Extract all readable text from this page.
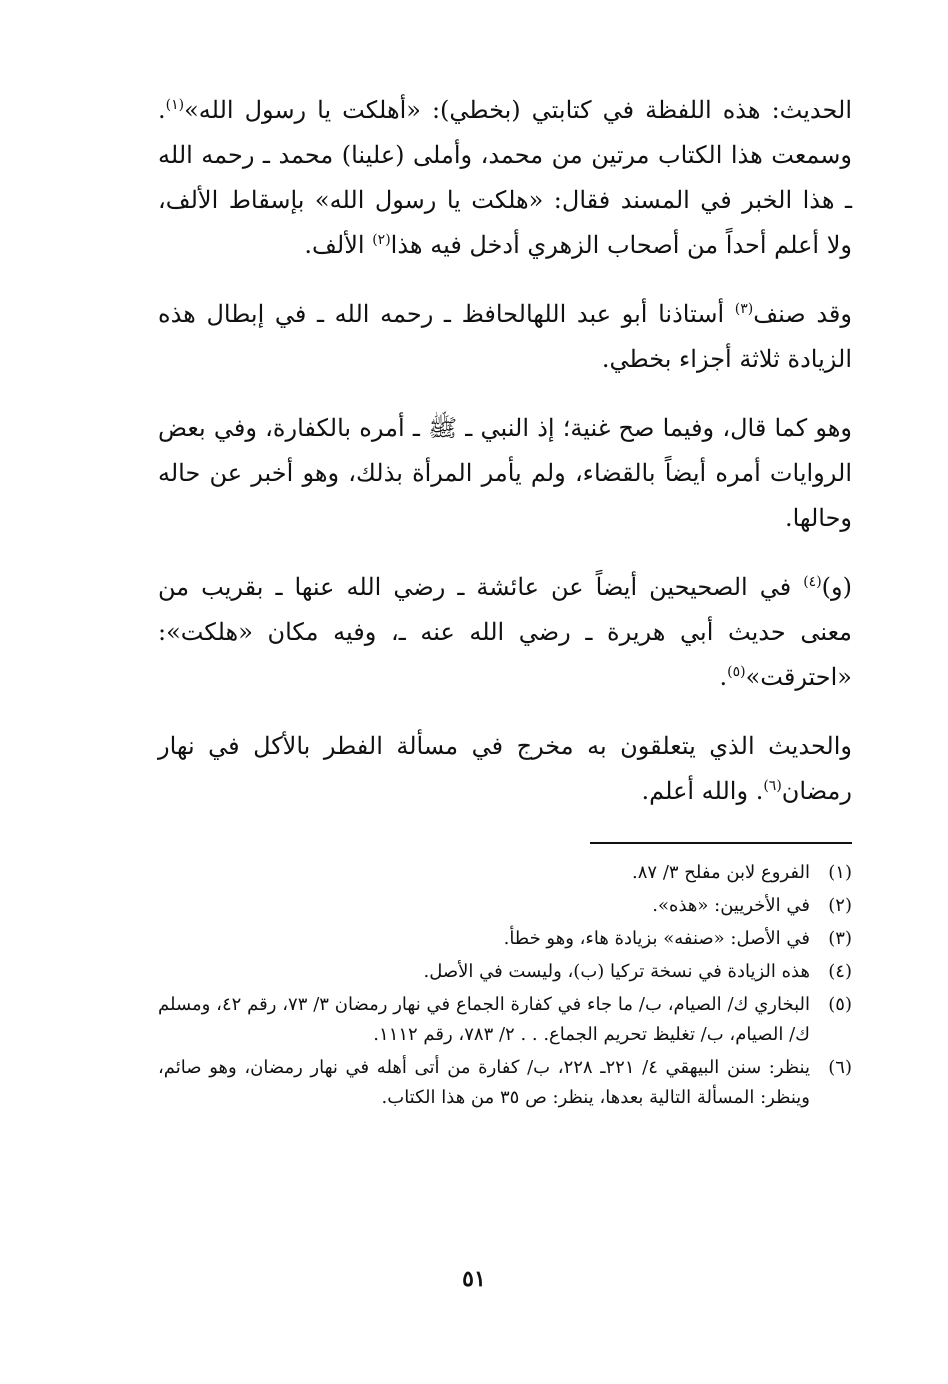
الحديث: هذه اللفظة في كتابتي (بخطي): «أهلكت يا رسول الله»$^{(١)}$. وسمعت هذا الكتاب مرتين من محمد، وأملى (علينا) محمد ـ رحمه الله ـ هذا الخبر في المسند فقال: «هلكت يا رسول الله» بإسقاط الألف، ولا أعلم أحداً من أصحاب الزهري أدخل فيه هذا$^{(٢)}$ الألف.

وقد صنف$^{(٣)}$ أستاذنا أبو عبد اللهالحافظ ـ رحمه الله ـ في إبطال هذه الزيادة ثلاثة أجزاء بخطي.

وهو كما قال، وفيما صح غنية؛ إذ النبي ـ ﷺ ـ أمره بالكفارة، وفي بعض الروايات أمره أيضاً بالقضاء، ولم يأمر المرأة بذلك، وهو أخبر عن حاله وحالها.

(و)$^{(٤)}$ في الصحيحين أيضاً عن عائشة ـ رضي الله عنها ـ بقريب من معنى حديث أبي هريرة ـ رضي الله عنه ـ، وفيه مكان «هلكت»: «احترقت»$^{(٥)}$.

والحديث الذي يتعلقون به مخرج في مسألة الفطر بالأكل في نهار رمضان$^{(٦)}$. والله أعلم.

(١)
الفروع لابن مفلح ٣/ ٨٧.
(٢)
في الأخريين: «هذه».
(٣)
في الأصل: «صنفه» بزيادة هاء، وهو خطأ.
(٤)
هذه الزيادة في نسخة تركيا (ب)، وليست في الأصل.
(٥)
البخاري ك/ الصيام، ب/ ما جاء في كفارة الجماع في نهار رمضان ٣/ ٧٣، رقم ٤٢، ومسلم ك/ الصيام، ب/ تغليظ تحريم الجماع. . . ٢/ ٧٨٣، رقم ١١١٢.
(٦)
ينظر: سنن البيهقي ٤/ ٢٢١ـ ٢٢٨، ب/ كفارة من أتى أهله في نهار رمضان، وهو صائم، وينظر: المسألة التالية بعدها، ينظر: ص ٣٥ من هذا الكتاب.
٥١
